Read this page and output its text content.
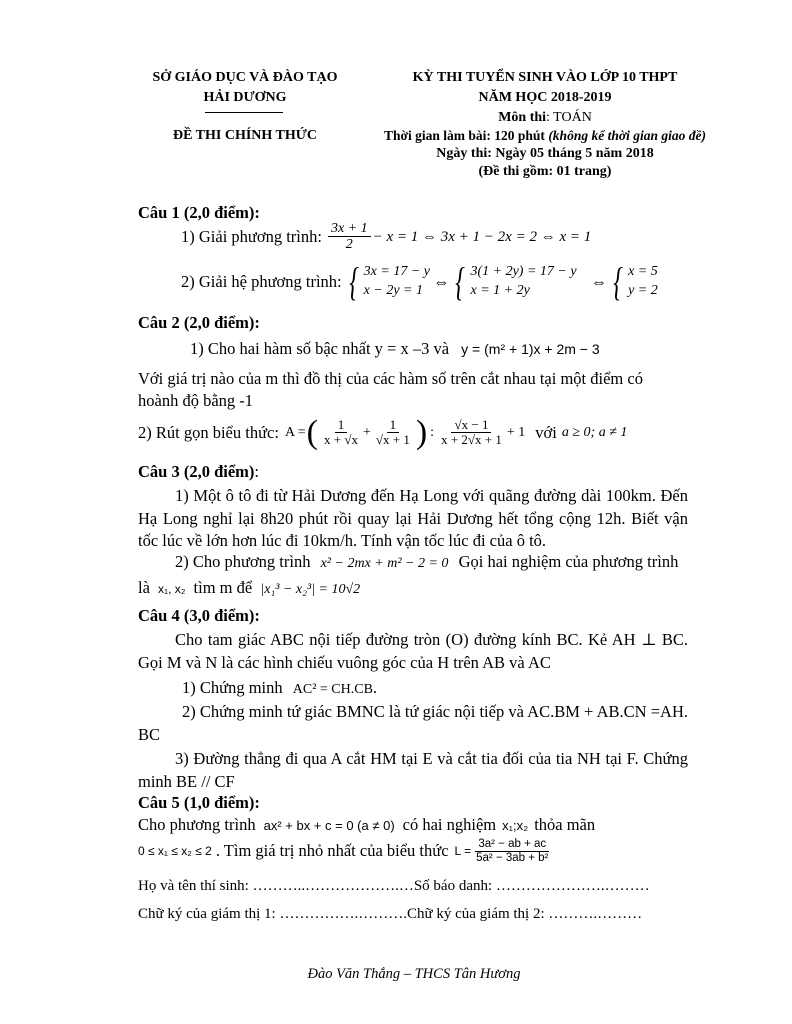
SỞ GIÁO DỤC VÀ ĐÀO TẠO
HẢI DƯƠNG
ĐỀ THI CHÍNH THỨC
KỲ THI TUYỂN SINH VÀO LỚP 10 THPT
NĂM HỌC 2018-2019
Môn thi: TOÁN
Thời gian làm bài: 120 phút (không kể thời gian giao đề)
Ngày thi: Ngày 05 tháng 5 năm 2018
(Đề thi gồm: 01 trang)
Câu 1 (2,0 điểm):
1) Giải phương trình: $\frac{3x + 1}{2} - x = 1$ ⇔ 3x + 1 − 2x = 2 ⇔ x = 1
2) Giải hệ phương trình: { 3x = 17 − y
x − 2y = 1 ⇔ { 3(1 + 2y) = 17 − y
x = 1 + 2y	⇔ { x = 5
y = 2
Câu 2 (2,0 điểm):
1) Cho hai hàm số bậc nhất y = x –3 và y = (m² + 1)x + 2m − 3
Với giá trị nào của m thì đồ thị của các hàm số trên cắt nhau tại một điểm có
hoành độ bằng -1
2) Rút gọn biểu thức: A = ( $\frac{1}{x + √x} + \frac{1}{√x + 1}$ ) : $\frac{√x - 1}{x + 2√x + 1} + 1$ với a ≥ 0; a ≠ 1
Câu 3 (2,0 điểm):
1) Một ô tô đi từ Hải Dương đến Hạ Long với quãng đường dài 100km. Đến Hạ Long nghỉ lại 8h20 phút rồi quay lại Hải Dương hết tổng cộng 12h. Biết vận tốc lúc về lớn hơn lúc đi 10km/h. Tính vận tốc lúc đi của ô tô.
2) Cho phương trình x² − 2mx + m² − 2 = 0 Gọi hai nghiệm của phương trình
là x₁, x₂ tìm m để |x₁³ − x₂³| = 10√2
Câu 4 (3,0 điểm):
Cho tam giác ABC nội tiếp đường tròn (O) đường kính BC. Kẻ AH ⊥ BC. Gọi M và N là các hình chiếu vuông góc của H trên AB và AC
1) Chứng minh AC² = CH.CB.
2) Chứng minh tứ giác BMNC là tứ giác nội tiếp và AC.BM + AB.CN =AH. BC
3) Đường thẳng đi qua A cắt HM tại E và cắt tia đối của tia NH tại F. Chứng minh BE // CF
Câu 5 (1,0 điểm):
Cho phương trình ax² + bx + c = 0 (a ≠ 0) có hai nghiệm x₁;x₂ thỏa mãn
0 ≤ x₁ ≤ x₂ ≤ 2 . Tìm giá trị nhỏ nhất của biểu thức $L = \frac{\text{3a² − ab + ac}}{\text{5a² − 3ab + b²}}$
Họ và tên thí sinh: ………..……………….…Số báo danh: ………………….………
Chữ ký của giám thị 1: …………….……….Chữ ký của giám thị 2: ……….………
Đào Văn Thắng – THCS Tân Hương
